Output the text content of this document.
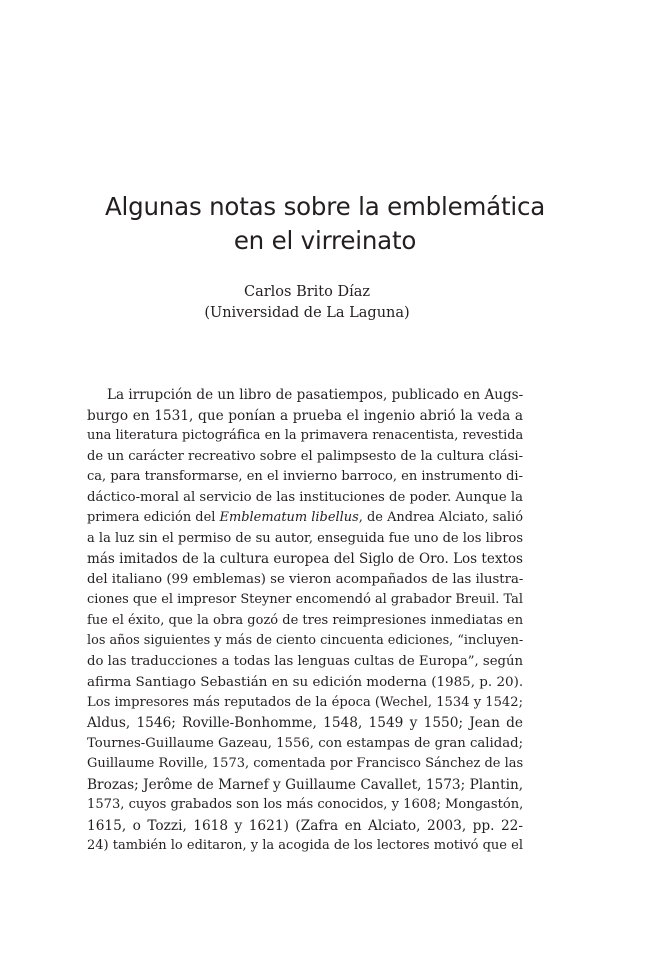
Algunas notas sobre la emblemática
en el virreinato
Carlos Brito Díaz
(Universidad de La Laguna)
La irrupción de un libro de pasatiempos, publicado en Augs-
burgo en 1531, que ponían a prueba el ingenio abrió la veda a
una literatura pictográfica en la primavera renacentista, revestida
de un carácter recreativo sobre el palimpsesto de la cultura clási-
ca, para transformarse, en el invierno barroco, en instrumento di-
dáctico-moral al servicio de las instituciones de poder. Aunque la
primera edición del Emblematum libellus, de Andrea Alciato, salió
a la luz sin el permiso de su autor, enseguida fue uno de los libros
más imitados de la cultura europea del Siglo de Oro. Los textos
del italiano (99 emblemas) se vieron acompañados de las ilustra-
ciones que el impresor Steyner encomendó al grabador Breuil. Tal
fue el éxito, que la obra gozó de tres reimpresiones inmediatas en
los años siguientes y más de ciento cincuenta ediciones, “incluyen-
do las traducciones a todas las lenguas cultas de Europa”, según
afirma Santiago Sebastián en su edición moderna (1985, p. 20).
Los impresores más reputados de la época (Wechel, 1534 y 1542;
Aldus, 1546; Roville-Bonhomme, 1548, 1549 y 1550; Jean de
Tournes-Guillaume Gazeau, 1556, con estampas de gran calidad;
Guillaume Roville, 1573, comentada por Francisco Sánchez de las
Brozas; Jerôme de Marnef y Guillaume Cavallet, 1573; Plantin,
1573, cuyos grabados son los más conocidos, y 1608; Mongastón,
1615, o Tozzi, 1618 y 1621) (Zafra en Alciato, 2003, pp. 22-
24) también lo editaron, y la acogida de los lectores motivó que el
